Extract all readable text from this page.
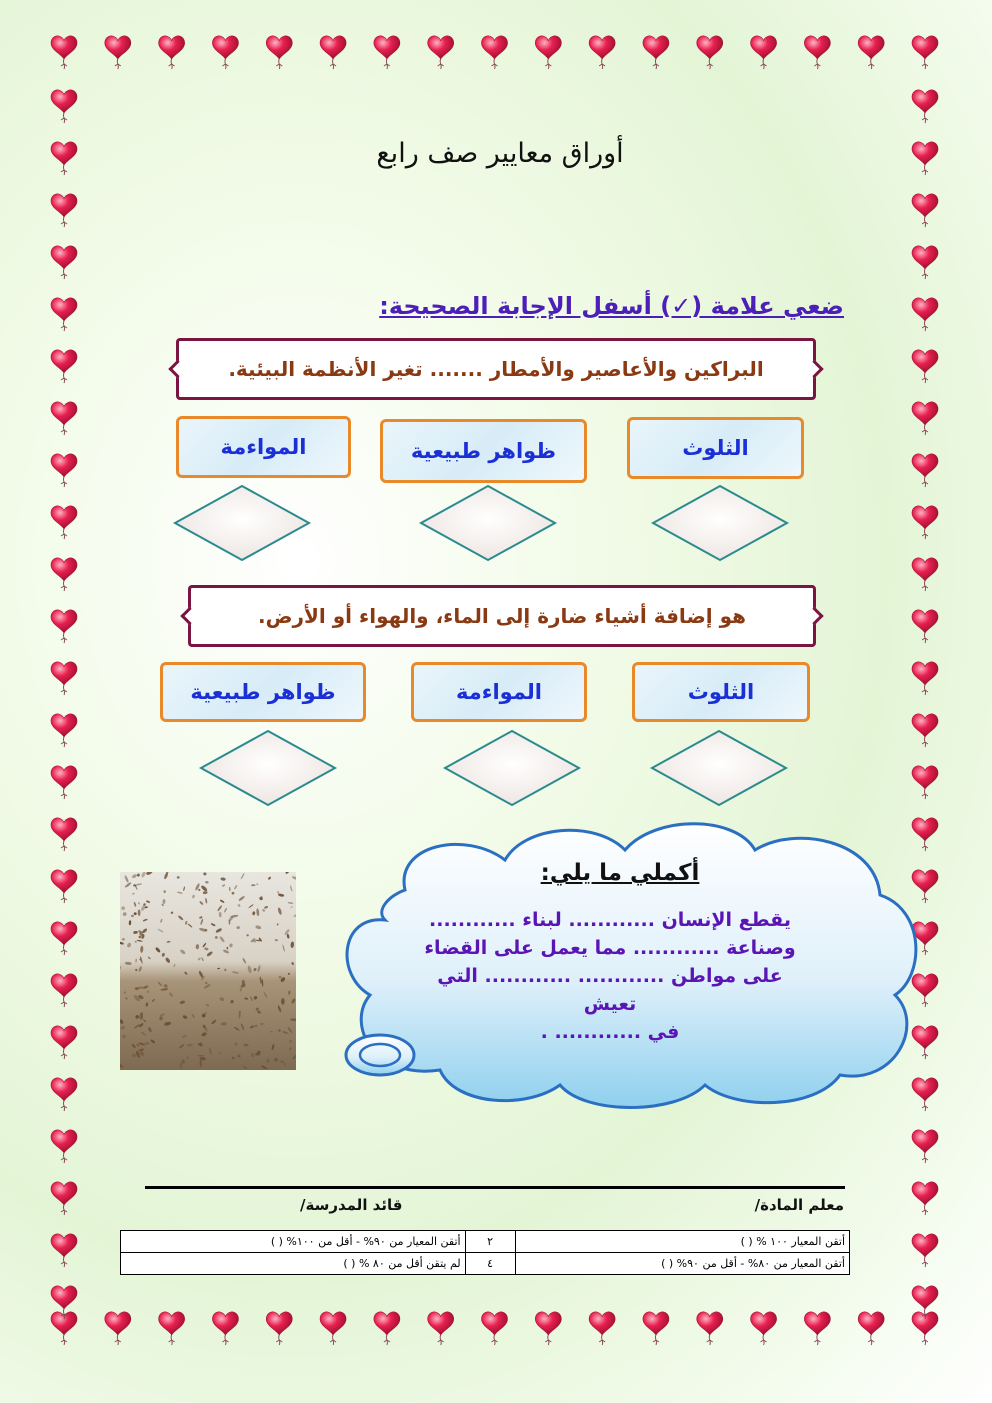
أوراق معايير صف رابع
ضعي علامة (✓) أسفل الإجابة الصحيحة:
البراكين والأعاصير والأمطار ....... تغير الأنظمة البيئية.
الثلوث
ظواهر طبيعية
المواءمة
هو إضافة أشياء ضارة إلى الماء، والهواء أو الأرض.
الثلوث
المواءمة
ظواهر طبيعية
أكملي ما يلي:
يقطع الإنسان ............ لبناء ............
وصناعة ............ مما يعمل على القضاء
على مواطن ............ ............ التي تعيش
في ............ .
معلم المادة/
قائد المدرسة/
أتقن المعيار ١٠٠ % ( )	٢	أتقن المعيار من ٩٠% - أقل من ١٠٠% ( )
أتقن المعيار من ٨٠% - أقل من ٩٠% ( )	٤	لم يتقن أقل من ٨٠ % ( )
